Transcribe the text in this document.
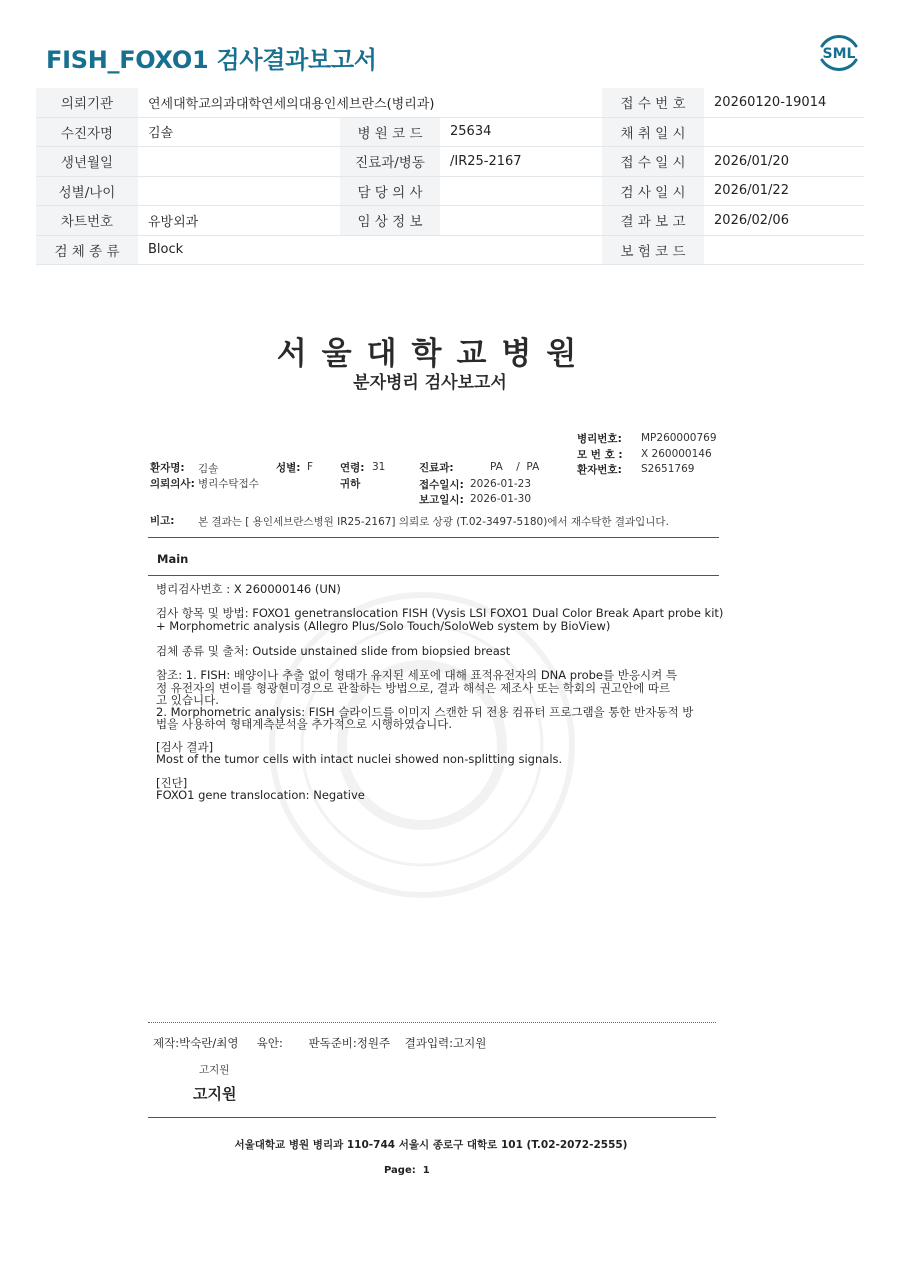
FISH_FOXO1 검사결과보고서	SML
의뢰기관	연세대학교의과대학연세의대용인세브란스(병리과)			접 수 번 호	20260120-19014
수진자명	김솔	병 원 코 드	25634	채 취 일 시	
생년월일		진료과/병동	/IR25-2167	접 수 일 시	2026/01/20
성별/나이		담 당 의 사		검 사 일 시	2026/01/22
차트번호	유방외과	임 상 정 보		결 과 보 고	2026/02/06
검 체 종 류	Block			보 험 코 드	
서울대학교병원
분자병리 검사보고서
병리번호: MP260000769
모 번 호 : X 260000146
환자번호: S2651769
환자명: 김솔	성별: F	연령: 31	진료과:	PA    /  PA
의뢰의사: 병리수탁접수	귀하	접수일시: 2026-01-23
보고일시: 2026-01-30
비고: 본 결과는 [ 용인세브란스병원 IR25-2167] 의뢰로 상광 (T.02-3497-5180)에서 재수탁한 결과입니다.
Main
병리검사번호 : X 260000146 (UN)
검사 항목 및 방법: FOXO1 genetranslocation FISH (Vysis LSI FOXO1 Dual Color Break Apart probe kit)
+ Morphometric analysis (Allegro Plus/Solo Touch/SoloWeb system by BioView)
검체 종류 및 출처: Outside unstained slide from biopsied breast
참조: 1. FISH: 배양이나 추출 없이 형태가 유지된 세포에 대해 표적유전자의 DNA probe를 반응시켜 특
정 유전자의 변이를 형광현미경으로 관찰하는 방법으로, 결과 해석은 제조사 또는 학회의 권고안에 따르
고 있습니다.
2. Morphometric analysis: FISH 슬라이드를 이미지 스캔한 뒤 전용 컴퓨터 프로그램을 통한 반자동적 방
법을 사용하여 형태계측분석을 추가적으로 시행하였습니다.
[검사 결과]
Most of the tumor cells with intact nuclei showed non-splitting signals.
[진단]
FOXO1 gene translocation: Negative
제작:박숙란/최영     육안:       판독준비:정원주    결과입력:고지원
고지원
고지원
서울대학교 병원 병리과 110-744 서울시 종로구 대학로 101 (T.02-2072-2555)
Page:  1
